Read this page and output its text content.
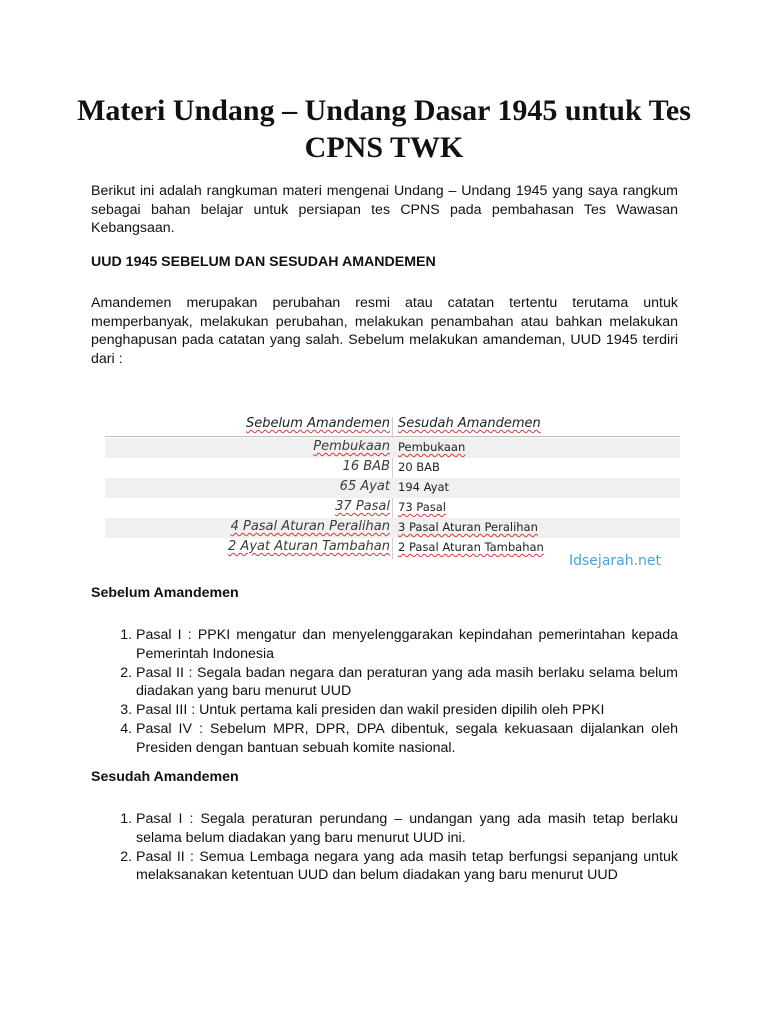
Materi Undang – Undang Dasar 1945 untuk Tes CPNS TWK

Berikut ini adalah rangkuman materi mengenai Undang – Undang 1945 yang saya rangkum sebagai bahan belajar untuk persiapan tes CPNS pada pembahasan Tes Wawasan Kebangsaan.

UUD 1945 SEBELUM DAN SESUDAH AMANDEMEN

Amandemen merupakan perubahan resmi atau catatan tertentu terutama untuk memperbanyak, melakukan perubahan, melakukan penambahan atau bahkan melakukan penghapusan pada catatan yang salah. Sebelum melakukan amandeman, UUD 1945 terdiri dari :

Sebelum Amandemen Sesudah Amandemen
Pembukaan Pembukaan
16 BAB 20 BAB
65 Ayat 194 Ayat
37 Pasal 73 Pasal
4 Pasal Aturan Peralihan 3 Pasal Aturan Peralihan
2 Ayat Aturan Tambahan 2 Pasal Aturan Tambahan
Idsejarah.net

Sebelum Amandemen

1. Pasal I : PPKI mengatur dan menyelenggarakan kepindahan pemerintahan kepada Pemerintah Indonesia
2. Pasal II : Segala badan negara dan peraturan yang ada masih berlaku selama belum diadakan yang baru menurut UUD
3. Pasal III : Untuk pertama kali presiden dan wakil presiden dipilih oleh PPKI
4. Pasal IV : Sebelum MPR, DPR, DPA dibentuk, segala kekuasaan dijalankan oleh Presiden dengan bantuan sebuah komite nasional.

Sesudah Amandemen

1. Pasal I : Segala peraturan perundang – undangan yang ada masih tetap berlaku selama belum diadakan yang baru menurut UUD ini.
2. Pasal II : Semua Lembaga negara yang ada masih tetap berfungsi sepanjang untuk melaksanakan ketentuan UUD dan belum diadakan yang baru menurut UUD
